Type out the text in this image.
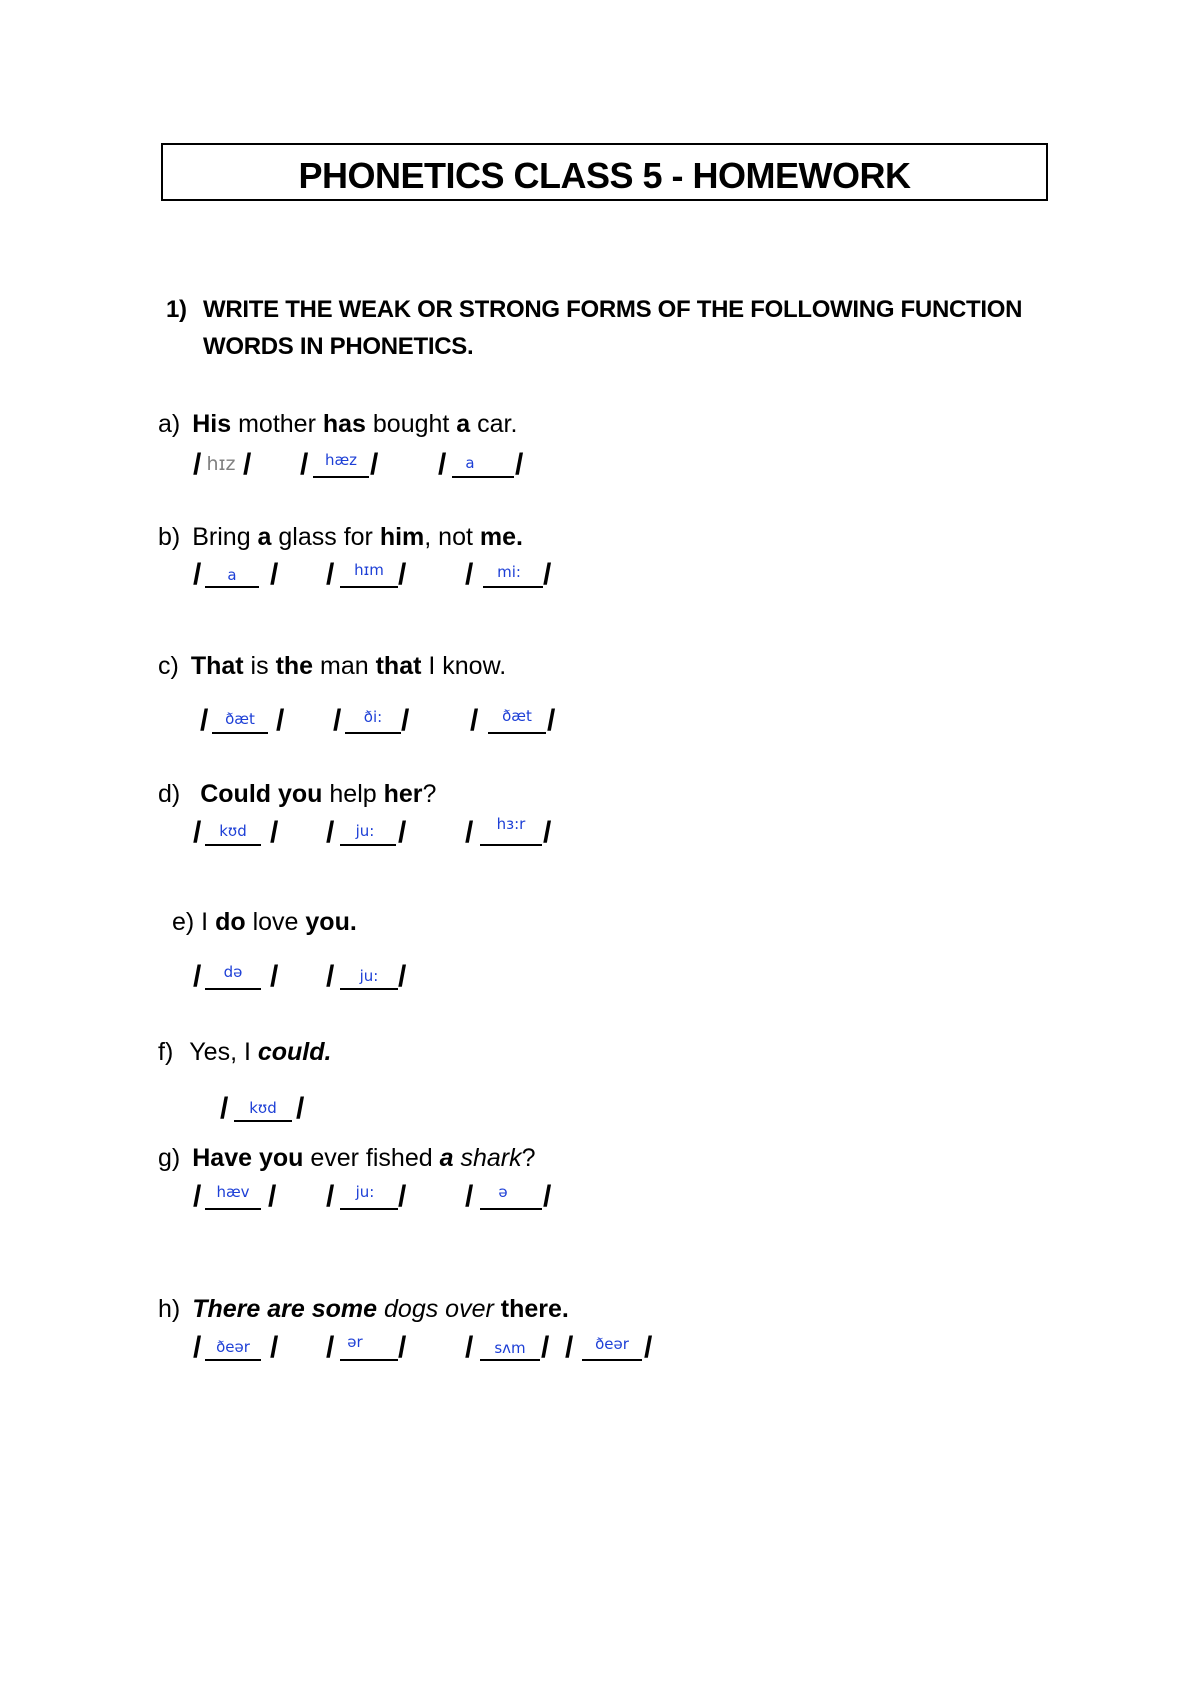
PHONETICS CLASS 5 - HOMEWORK
1) WRITE THE WEAK OR STRONG FORMS OF THE FOLLOWING FUNCTION
WORDS IN PHONETICS.
a) His mother has bought a car.
/ hɪz / /	hæz / /	a	/
b) Bring a glass for him, not me.
/	a	/ /	hɪm / /	mi: /
c) That is the man that I know.
/	ðæt / /	ði: / /	ðæt /
d) Could you help her?
/	kʊd / /	ju: / /	hɜ:r /
e) I do love you.
/	də / /	ju: /
f) Yes, I could.
/	kʊd /
g) Have you ever fished a shark?
/	hæv / /	ju: / /	ə	/
h) There are some dogs over there.
/ ðeər / / ər / /	sʌm / /	ðeər /
